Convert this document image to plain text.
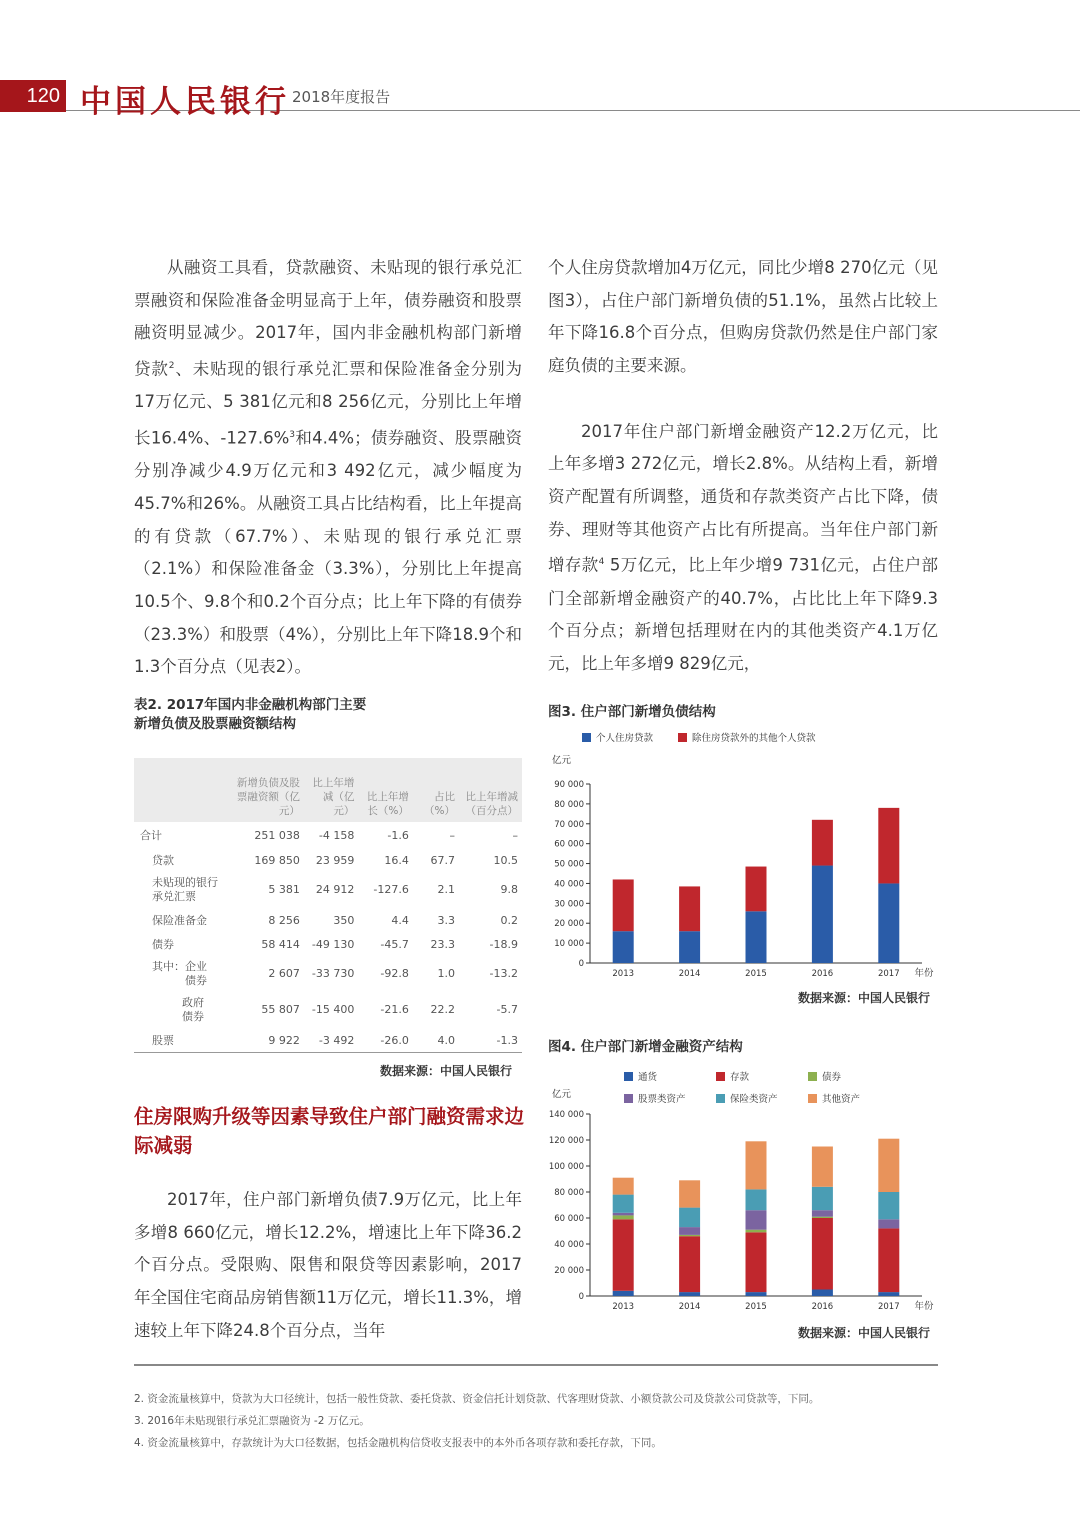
120 中国人民银行 2018年度报告

从融资工具看，贷款融资、未贴现的银行承兑汇票融资和保险准备金明显高于上年，债券融资和股票融资明显减少。2017年，国内非金融机构部门新增贷款$^2$、未贴现的银行承兑汇票和保险准备金分别为17万亿元、5 381亿元和8 256亿元，分别比上年增长16.4%、-127.6%$^3$和4.4%；债券融资、股票融资分别净减少4.9万亿元和3 492亿元，减少幅度为45.7%和26%。从融资工具占比结构看，比上年提高的有贷款（67.7%）、未贴现的银行承兑汇票（2.1%）和保险准备金（3.3%），分别比上年提高10.5个、9.8个和0.2个百分点；比上年下降的有债券（23.3%）和股票（4%），分别比上年下降18.9个和1.3个百分点（见表2）。

个人住房贷款增加4万亿元，同比少增8 270亿元（见图3），占住户部门新增负债的51.1%，虽然占比较上年下降16.8个百分点，但购房贷款仍然是住户部门家庭负债的主要来源。

2017年住户部门新增金融资产12.2万亿元，比上年多增3 272亿元，增长2.8%。从结构上看，新增资产配置有所调整，通货和存款类资产占比下降，债券、理财等其他资产占比有所提高。当年住户部门新增存款$^4$ 5万亿元，比上年少增9 731亿元，占住户部门全部新增金融资产的40.7%，占比比上年下降9.3个百分点；新增包括理财在内的其他类资产4.1万亿元，比上年多增9 829亿元，

表2. 2017年国内非金融机构部门主要
新增负债及股票融资额结构

	新增负债及股票融资额（亿元）	比上年增减（亿元）	比上年增长（%）	占比（%）	比上年增减（百分点）
合计	251 038	-4 158	-1.6	–	–
贷款	169 850	23 959	16.4	67.7	10.5
未贴现的银行承兑汇票	5 381	24 912	-127.6	2.1	9.8
保险准备金	8 256	350	4.4	3.3	0.2
债券	58 414	-49 130	-45.7	23.3	-18.9
其中：企业债券	2 607	-33 730	-92.8	1.0	-13.2
政府债券	55 807	-15 400	-21.6	22.2	-5.7
股票	9 922	-3 492	-26.0	4.0	-1.3
数据来源：中国人民银行

住房限购升级等因素导致住户部门融资需求边际减弱

2017年，住户部门新增负债7.9万亿元，比上年多增8 660亿元，增长12.2%，增速比上年下降36.2个百分点。受限购、限售和限贷等因素影响，2017年全国住宅商品房销售额11万亿元，增长11.3%，增速较上年下降24.8个百分点，当年

图3. 住户部门新增负债结构
个人住房贷款	除住房贷款外的其他个人贷款
亿元
0
10 000
20 000
30 000
40 000
50 000
60 000
70 000
80 000
90 000
2013	2014	2015	2016	2017 年份
数据来源：中国人民银行
图4. 住户部门新增金融资产结构
通货	存款	债券
股票类资产	保险类资产	其他资产
亿元
0
20 000
40 000
60 000
80 000
100 000
120 000
140 000
2013	2014	2015	2016	2017 年份
数据来源：中国人民银行
2. 资金流量核算中，贷款为大口径统计，包括一般性贷款、委托贷款、资金信托计划贷款、代客理财贷款、小额贷款公司及贷款公司贷款等，下同。
3. 2016年未贴现银行承兑汇票融资为 -2 万亿元。
4. 资金流量核算中，存款统计为大口径数据，包括金融机构信贷收支报表中的本外币各项存款和委托存款，下同。
